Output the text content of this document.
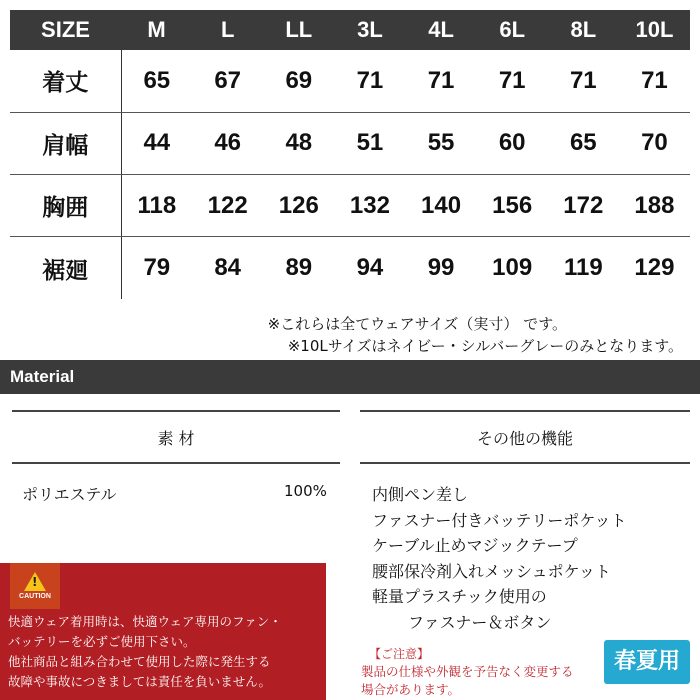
SIZE	M	L	LL	3L	4L	6L	8L	10L
着丈	65	67	69	71	71	71	71	71
肩幅	44	46	48	51	55	60	65	70
胸囲	118	122	126	132	140	156	172	188
裾廻	79	84	89	94	99	109	119	129
※これらは全てウェアサイズ（実寸） です。
※10Lサイズはネイビー・シルバーグレーのみとなります。
Material
素 材	その他の機能
ポリエステル	100%	内側ペン差し
ファスナー付きバッテリーポケット
ケーブル止めマジックテープ
腰部保冷剤入れメッシュポケット
軽量プラスチック使用の
ファスナー＆ボタン
!
CAUTION
快適ウェア着用時は、快適ウェア専用のファン・
バッテリーを必ずご使用下さい。
他社商品と組み合わせて使用した際に発生する
故障や事故につきましては責任を負いません。
【ご注意】
製品の仕様や外観を予告なく変更する
場合があります。
春夏用
